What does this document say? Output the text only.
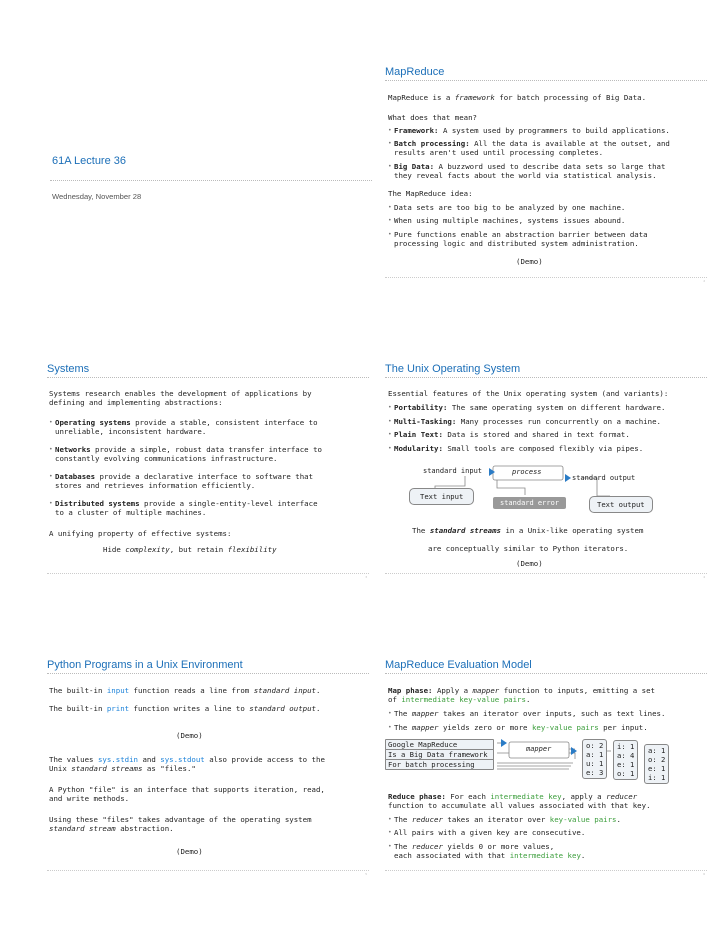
61A Lecture 36
Wednesday, November 28
MapReduce
MapReduce is a framework for batch processing of Big Data.
What does that mean?
• Framework: A system used by programmers to build applications.
• Batch processing: All the data is available at the outset, and
results aren't used until processing completes.
• Big Data: A buzzword used to describe data sets so large that
they reveal facts about the world via statistical analysis.
The MapReduce idea:
• Data sets are too big to be analyzed by one machine.
• When using multiple machines, systems issues abound.
• Pure functions enable an abstraction barrier between data
processing logic and distributed system administration.
(Demo)
2
Systems
Systems research enables the development of applications by
defining and implementing abstractions:
• Operating systems provide a stable, consistent interface to
unreliable, inconsistent hardware.
• Networks provide a simple, robust data transfer interface to
constantly evolving communications infrastructure.
• Databases provide a declarative interface to software that
stores and retrieves information efficiently.
• Distributed systems provide a single-entity-level interface
to a cluster of multiple machines.
A unifying property of effective systems:
Hide complexity, but retain flexibility
3
The Unix Operating System
Essential features of the Unix operating system (and variants):
• Portability: The same operating system on different hardware.
• Multi-Tasking: Many processes run concurrently on a machine.
• Plain Text: Data is stored and shared in text format.
• Modularity: Small tools are composed flexibly via pipes.
standard input	process
standard output
Text input
standard error	Text output
The standard streams in a Unix-like operating system
are conceptually similar to Python iterators.
(Demo)
4
Python Programs in a Unix Environment
The built-in input function reads a line from standard input.
The built-in print function writes a line to standard output.
(Demo)
The values sys.stdin and sys.stdout also provide access to the
Unix standard streams as "files."
A Python "file" is an interface that supports iteration, read,
and write methods.
Using these "files" takes advantage of the operating system
standard stream abstraction.
(Demo)
5
MapReduce Evaluation Model
Map phase: Apply a mapper function to inputs, emitting a set
of intermediate key-value pairs.
• The mapper takes an iterator over inputs, such as text lines.
• The mapper yields zero or more key-value pairs per input.
Google MapReduce
Is a Big Data framework
For batch processing
mapper	o: 2
a: 1
u: 1
e: 3
i: 1
a: 4
e: 1
o: 1
a: 1
o: 2
e: 1
i: 1
Reduce phase: For each intermediate key, apply a reducer
function to accumulate all values associated with that key.
• The reducer takes an iterator over key-value pairs.
• All pairs with a given key are consecutive.
• The reducer yields 0 or more values,
each associated with that intermediate key.
6
